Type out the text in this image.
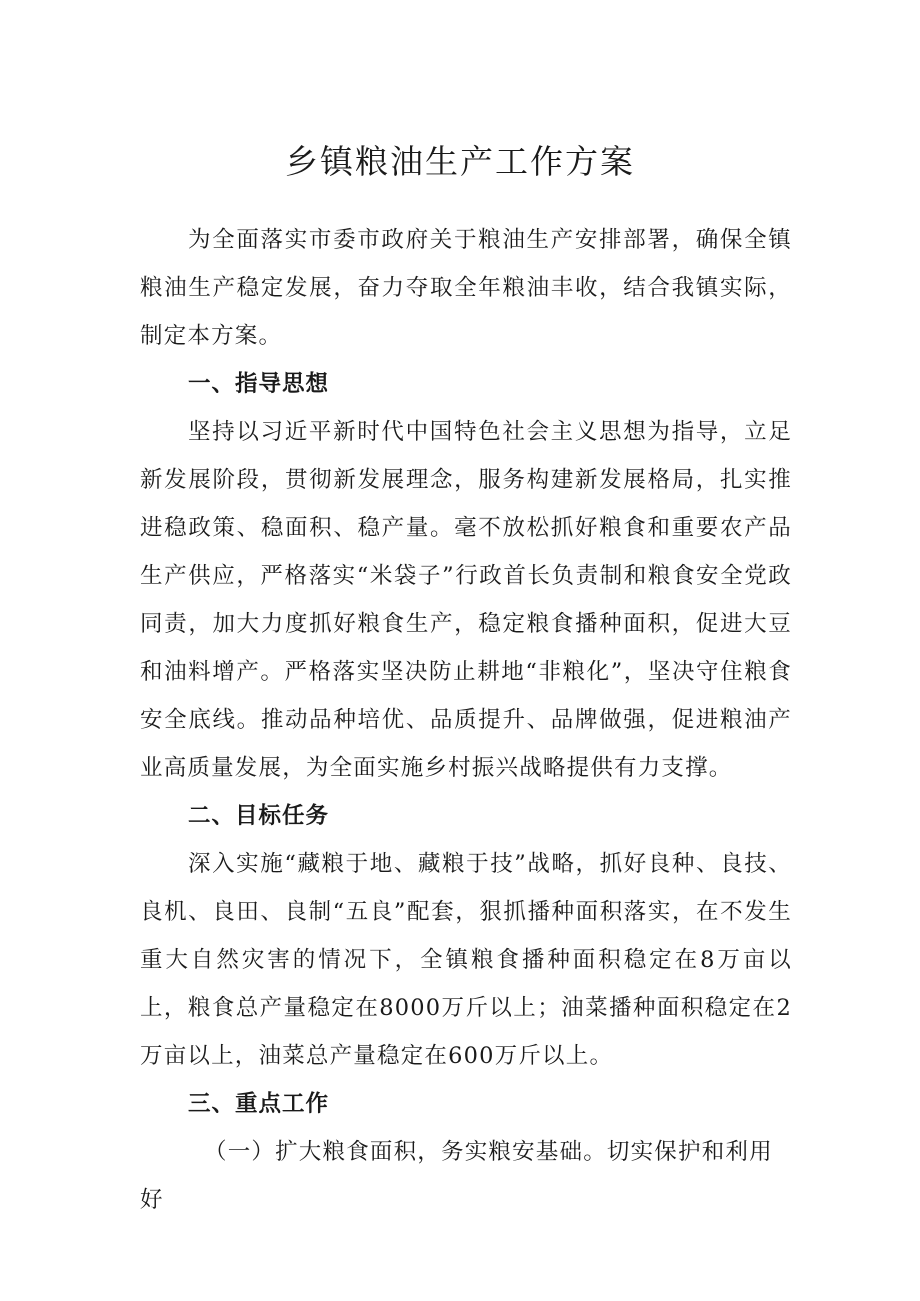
乡镇粮油生产工作方案

为全面落实市委市政府关于粮油生产安排部署，确保全镇粮油生产稳定发展，奋力夺取全年粮油丰收，结合我镇实际，制定本方案。

一、指导思想

坚持以习近平新时代中国特色社会主义思想为指导，立足新发展阶段，贯彻新发展理念，服务构建新发展格局，扎实推进稳政策、稳面积、稳产量。毫不放松抓好粮食和重要农产品生产供应，严格落实“米袋子”行政首长负责制和粮食安全党政同责，加大力度抓好粮食生产，稳定粮食播种面积，促进大豆和油料增产。严格落实坚决防止耕地“非粮化”，坚决守住粮食安全底线。推动品种培优、品质提升、品牌做强，促进粮油产业高质量发展，为全面实施乡村振兴战略提供有力支撑。

二、目标任务

深入实施“藏粮于地、藏粮于技”战略，抓好良种、良技、良机、良田、良制“五良”配套，狠抓播种面积落实，在不发生重大自然灾害的情况下，全镇粮食播种面积稳定在8万亩以上，粮食总产量稳定在8000万斤以上；油菜播种面积稳定在2万亩以上，油菜总产量稳定在600万斤以上。

三、重点工作

（一）扩大粮食面积，务实粮安基础。切实保护和利用好
